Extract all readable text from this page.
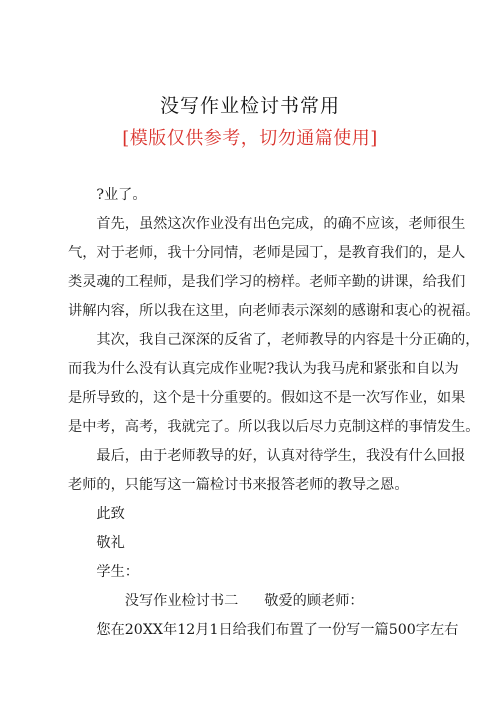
没写作业检讨书常用
[模版仅供参考，切勿通篇使用]

?业了。

首先，虽然这次作业没有出色完成，的确不应该，老师很生
气，对于老师，我十分同情，老师是园丁，是教育我们的，是人
类灵魂的工程师，是我们学习的榜样。老师辛勤的讲课，给我们
讲解内容，所以我在这里，向老师表示深刻的感谢和衷心的祝福。

其次，我自己深深的反省了，老师教导的内容是十分正确的，
而我为什么没有认真完成作业呢?我认为我马虎和紧张和自以为
是所导致的，这个是十分重要的。假如这不是一次写作业，如果
是中考，高考，我就完了。所以我以后尽力克制这样的事情发生。

最后，由于老师教导的好，认真对待学生，我没有什么回报
老师的，只能写这一篇检讨书来报答老师的教导之恩。

此致

敬礼

学生：

没写作业检讨书二 敬爱的顾老师：

您在20XX年12月1日给我们布置了一份写一篇500字左右
